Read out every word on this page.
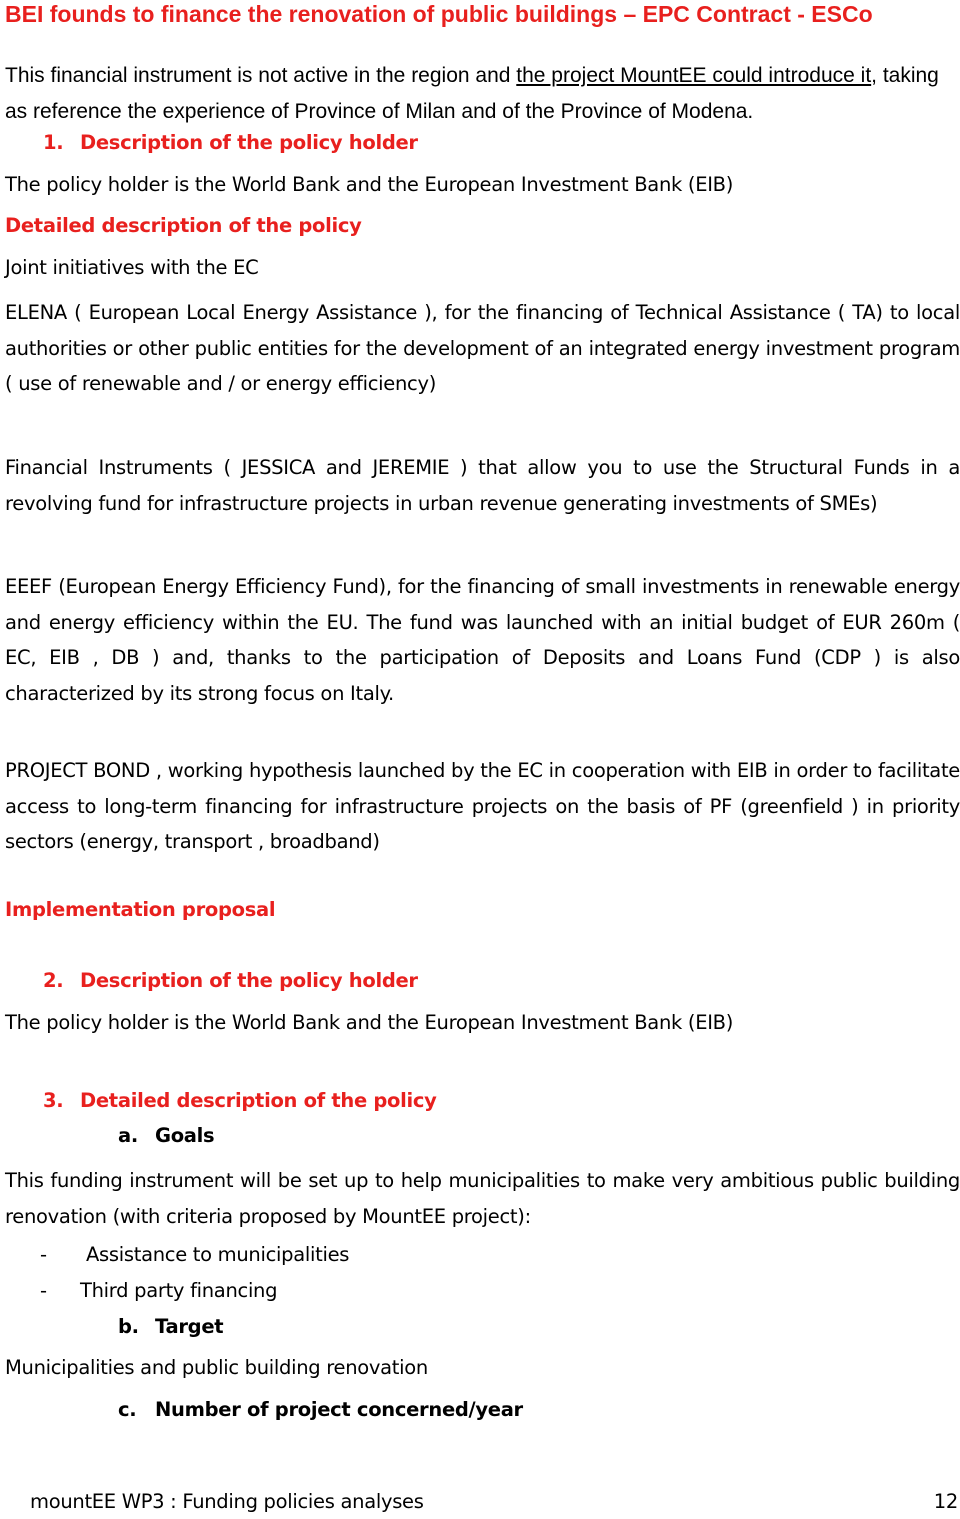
BEI founds to finance the renovation of public buildings – EPC Contract - ESCo
This financial instrument is not active in the region and the project MountEE could introduce it, taking as reference the experience of Province of Milan and of the Province of Modena.
1. Description of the policy holder
The policy holder is the World Bank and the European Investment Bank (EIB)
Detailed description of the policy
Joint initiatives with the EC
ELENA ( European Local Energy Assistance ), for the financing of Technical Assistance ( TA) to local authorities or other public entities for the development of an integrated energy investment program ( use of renewable and / or energy efficiency)
Financial Instruments ( JESSICA and JEREMIE ) that allow you to use the Structural Funds in a revolving fund for infrastructure projects in urban revenue generating investments of SMEs)
EEEF (European Energy Efficiency Fund), for the financing of small investments in renewable energy and energy efficiency within the EU. The fund was launched with an initial budget of EUR 260m ( EC, EIB , DB ) and, thanks to the participation of Deposits and Loans Fund (CDP ) is also characterized by its strong focus on Italy.
PROJECT BOND , working hypothesis launched by the EC in cooperation with EIB in order to facilitate access to long-term financing for infrastructure projects on the basis of PF (greenfield ) in priority sectors (energy, transport , broadband)
Implementation proposal
2. Description of the policy holder
The policy holder is the World Bank and the European Investment Bank (EIB)
3. Detailed description of the policy
a. Goals
This funding instrument will be set up to help municipalities to make very ambitious public building renovation (with criteria proposed by MountEE project):
- Assistance to municipalities
- Third party financing
b. Target
Municipalities and public building renovation
c. Number of project concerned/year
mountEE WP3 : Funding policies analyses	12
